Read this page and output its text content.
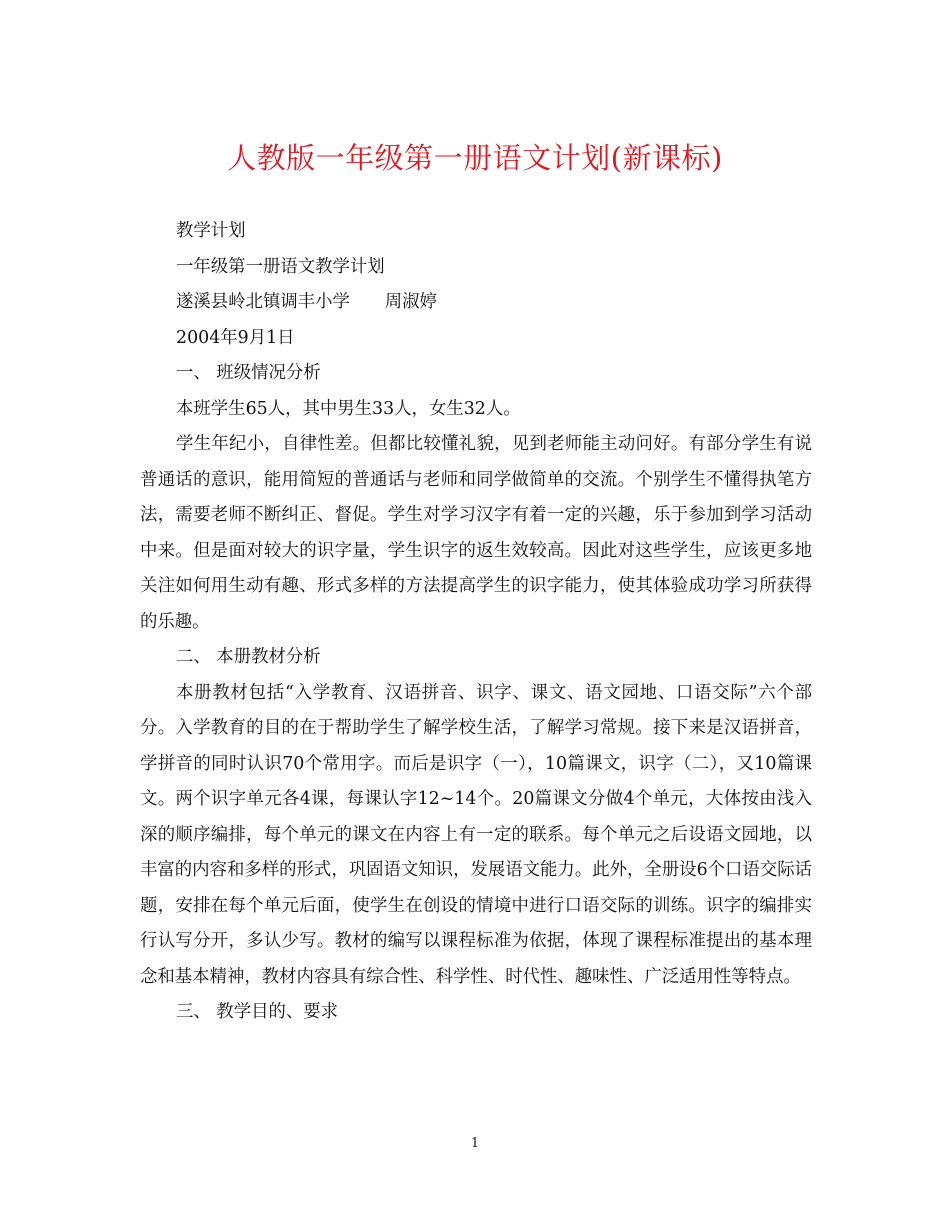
人教版一年级第一册语文计划(新课标)
教学计划
一年级第一册语文教学计划
遂溪县岭北镇调丰小学　　周淑婷
2004年9月1日
一、 班级情况分析
本班学生65人，其中男生33人，女生32人。
学生年纪小，自律性差。但都比较懂礼貌，见到老师能主动问好。有部分学生有说普通话的意识，能用简短的普通话与老师和同学做简单的交流。个别学生不懂得执笔方法，需要老师不断纠正、督促。学生对学习汉字有着一定的兴趣，乐于参加到学习活动中来。但是面对较大的识字量，学生识字的返生效较高。因此对这些学生，应该更多地关注如何用生动有趣、形式多样的方法提高学生的识字能力，使其体验成功学习所获得的乐趣。
二、 本册教材分析
本册教材包括“入学教育、汉语拼音、识字、课文、语文园地、口语交际”六个部分。入学教育的目的在于帮助学生了解学校生活，了解学习常规。接下来是汉语拼音，学拼音的同时认识70个常用字。而后是识字（一），10篇课文，识字（二），又10篇课文。两个识字单元各4课，每课认字12~14个。20篇课文分做4个单元，大体按由浅入深的顺序编排，每个单元的课文在内容上有一定的联系。每个单元之后设语文园地，以丰富的内容和多样的形式，巩固语文知识，发展语文能力。此外，全册设6个口语交际话题，安排在每个单元后面，使学生在创设的情境中进行口语交际的训练。识字的编排实行认写分开，多认少写。教材的编写以课程标准为依据，体现了课程标准提出的基本理念和基本精神，教材内容具有综合性、科学性、时代性、趣味性、广泛适用性等特点。
三、 教学目的、要求
1
